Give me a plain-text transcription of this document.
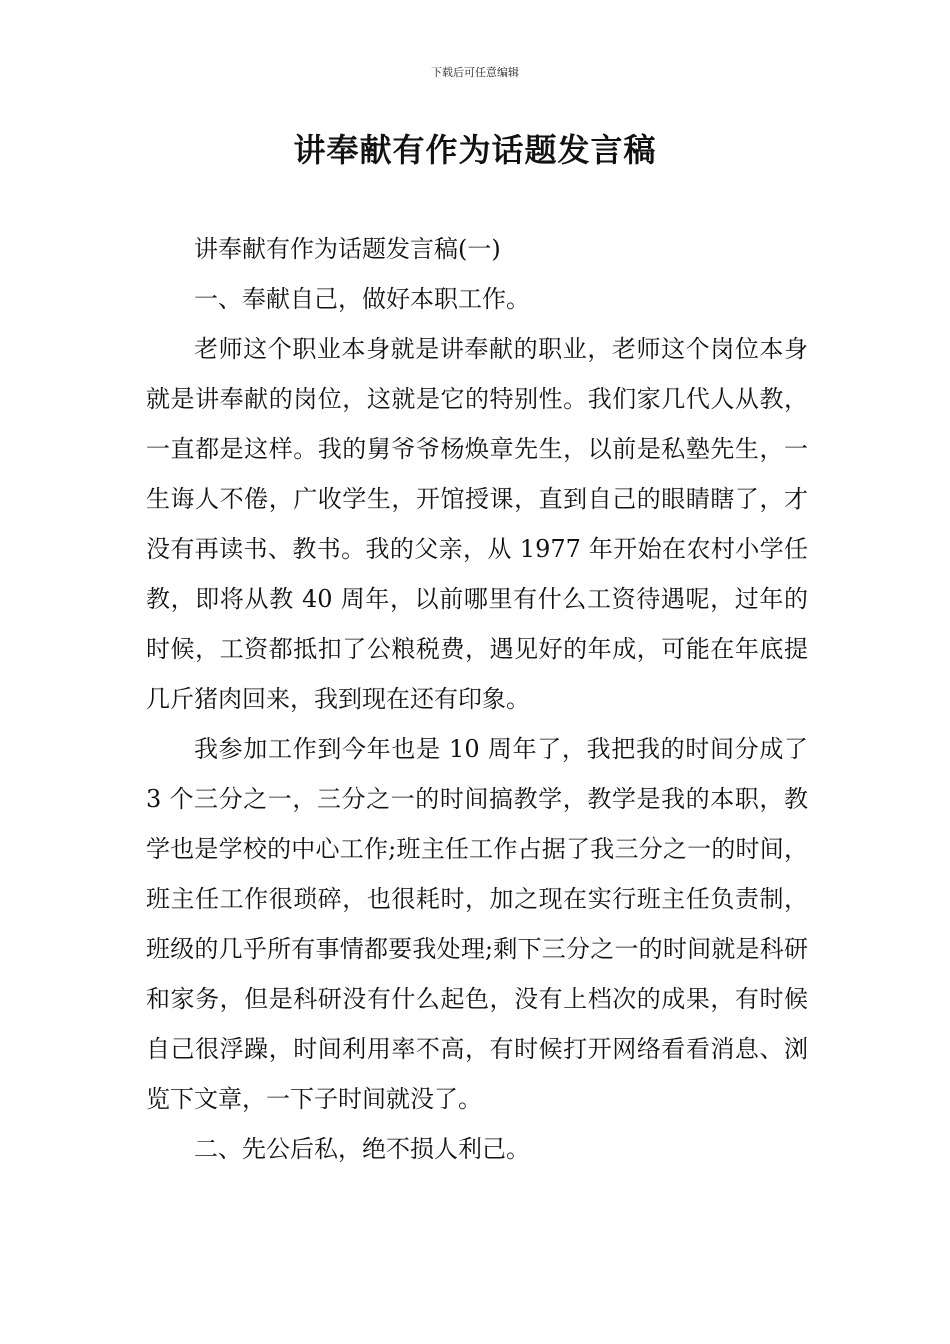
下载后可任意编辑
讲奉献有作为话题发言稿

讲奉献有作为话题发言稿(一)

一、奉献自己，做好本职工作。

老师这个职业本身就是讲奉献的职业，老师这个岗位本身就是讲奉献的岗位，这就是它的特别性。我们家几代人从教，一直都是这样。我的舅爷爷杨焕章先生，以前是私塾先生，一生诲人不倦，广收学生，开馆授课，直到自己的眼睛瞎了，才没有再读书、教书。我的父亲，从 1977 年开始在农村小学任教，即将从教 40 周年，以前哪里有什么工资待遇呢，过年的时候，工资都抵扣了公粮税费，遇见好的年成，可能在年底提几斤猪肉回来，我到现在还有印象。

我参加工作到今年也是 10 周年了，我把我的时间分成了 3 个三分之一，三分之一的时间搞教学，教学是我的本职，教学也是学校的中心工作;班主任工作占据了我三分之一的时间，班主任工作很琐碎，也很耗时，加之现在实行班主任负责制，班级的几乎所有事情都要我处理;剩下三分之一的时间就是科研和家务，但是科研没有什么起色，没有上档次的成果，有时候自己很浮躁，时间利用率不高，有时候打开网络看看消息、浏览下文章，一下子时间就没了。

二、先公后私，绝不损人利己。
